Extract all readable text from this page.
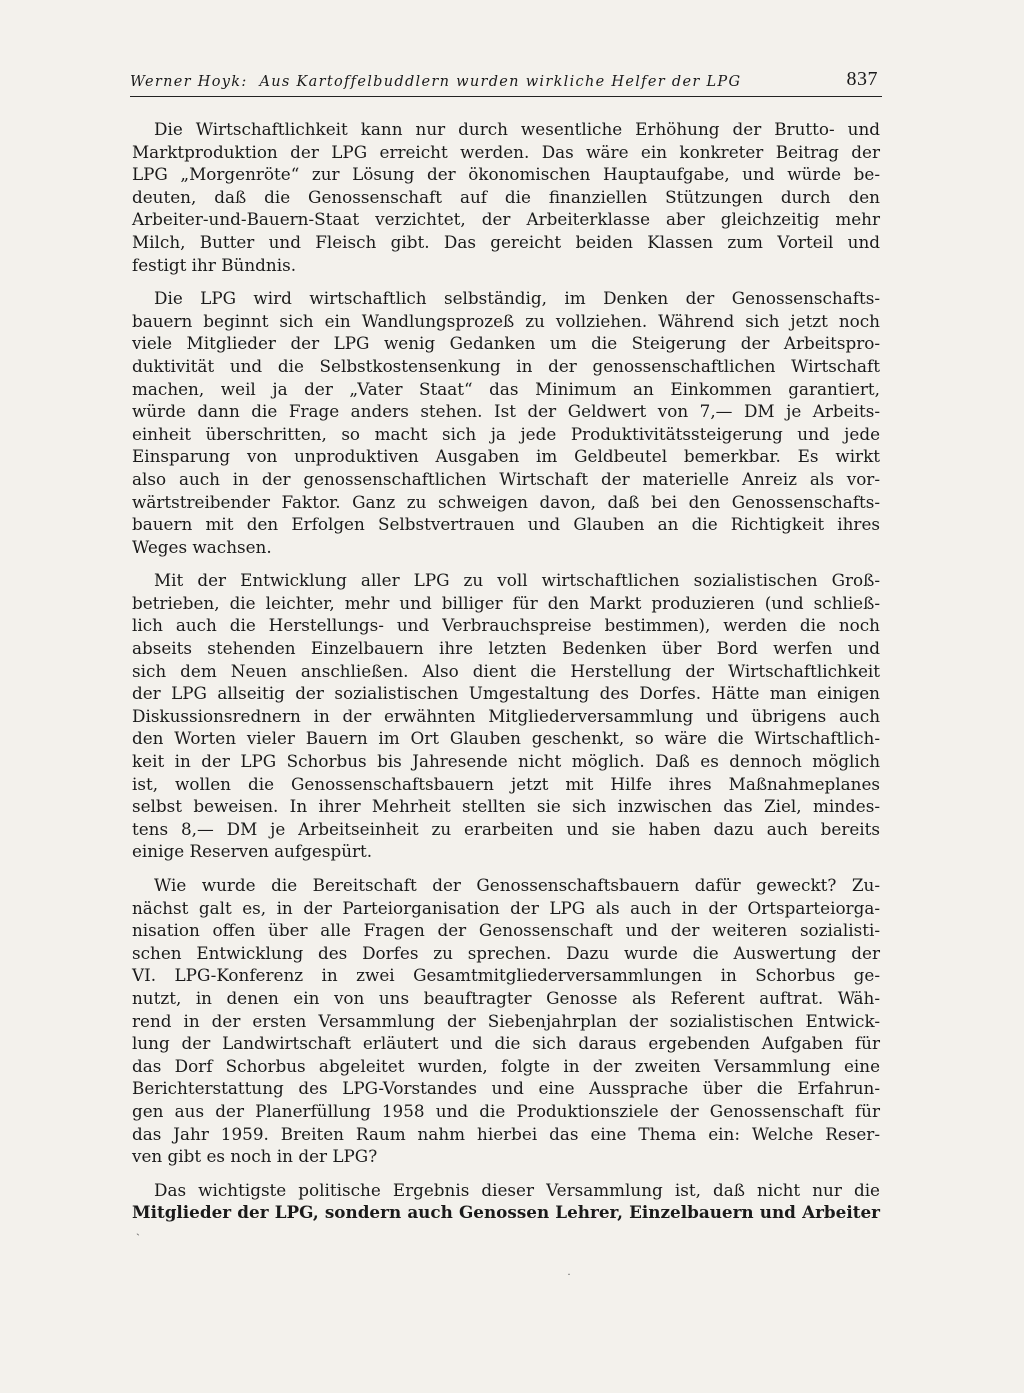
Werner Hoyk: Aus Kartoffelbuddlern wurden wirkliche Helfer der LPG	837

Die Wirtschaftlichkeit kann nur durch wesentliche Erhöhung der Brutto- und
Marktproduktion der LPG erreicht werden. Das wäre ein konkreter Beitrag der
LPG „Morgenröte“ zur Lösung der ökonomischen Hauptaufgabe, und würde be-
deuten, daß die Genossenschaft auf die finanziellen Stützungen durch den
Arbeiter-und-Bauern-Staat verzichtet, der Arbeiterklasse aber gleichzeitig mehr
Milch, Butter und Fleisch gibt. Das gereicht beiden Klassen zum Vorteil und
festigt ihr Bündnis.

Die LPG wird wirtschaftlich selbständig, im Denken der Genossenschafts-
bauern beginnt sich ein Wandlungsprozeß zu vollziehen. Während sich jetzt noch
viele Mitglieder der LPG wenig Gedanken um die Steigerung der Arbeitspro-
duktivität und die Selbstkostensenkung in der genossenschaftlichen Wirtschaft
machen, weil ja der „Vater Staat“ das Minimum an Einkommen garantiert,
würde dann die Frage anders stehen. Ist der Geldwert von 7,— DM je Arbeits-
einheit überschritten, so macht sich ja jede Produktivitätssteigerung und jede
Einsparung von unproduktiven Ausgaben im Geldbeutel bemerkbar. Es wirkt
also auch in der genossenschaftlichen Wirtschaft der materielle Anreiz als vor-
wärtstreibender Faktor. Ganz zu schweigen davon, daß bei den Genossenschafts-
bauern mit den Erfolgen Selbstvertrauen und Glauben an die Richtigkeit ihres
Weges wachsen.

Mit der Entwicklung aller LPG zu voll wirtschaftlichen sozialistischen Groß-
betrieben, die leichter, mehr und billiger für den Markt produzieren (und schließ-
lich auch die Herstellungs- und Verbrauchspreise bestimmen), werden die noch
abseits stehenden Einzelbauern ihre letzten Bedenken über Bord werfen und
sich dem Neuen anschließen. Also dient die Herstellung der Wirtschaftlichkeit
der LPG allseitig der sozialistischen Umgestaltung des Dorfes. Hätte man einigen
Diskussionsrednern in der erwähnten Mitgliederversammlung und übrigens auch
den Worten vieler Bauern im Ort Glauben geschenkt, so wäre die Wirtschaftlich-
keit in der LPG Schorbus bis Jahresende nicht möglich. Daß es dennoch möglich
ist, wollen die Genossenschaftsbauern jetzt mit Hilfe ihres Maßnahmeplanes
selbst beweisen. In ihrer Mehrheit stellten sie sich inzwischen das Ziel, mindes-
tens 8,— DM je Arbeitseinheit zu erarbeiten und sie haben dazu auch bereits
einige Reserven aufgespürt.

Wie wurde die Bereitschaft der Genossenschaftsbauern dafür geweckt? Zu-
nächst galt es, in der Parteiorganisation der LPG als auch in der Ortsparteiorga-
nisation offen über alle Fragen der Genossenschaft und der weiteren sozialisti-
schen Entwicklung des Dorfes zu sprechen. Dazu wurde die Auswertung der
VI. LPG-Konferenz in zwei Gesamtmitgliederversammlungen in Schorbus ge-
nutzt, in denen ein von uns beauftragter Genosse als Referent auftrat. Wäh-
rend in der ersten Versammlung der Siebenjahrplan der sozialistischen Entwick-
lung der Landwirtschaft erläutert und die sich daraus ergebenden Aufgaben für
das Dorf Schorbus abgeleitet wurden, folgte in der zweiten Versammlung eine
Berichterstattung des LPG-Vorstandes und eine Aussprache über die Erfahrun-
gen aus der Planerfüllung 1958 und die Produktionsziele der Genossenschaft für
das Jahr 1959. Breiten Raum nahm hierbei das eine Thema ein: Welche Reser-
ven gibt es noch in der LPG?

Das wichtigste politische Ergebnis dieser Versammlung ist, daß nicht nur die
Mitglieder der LPG, sondern auch Genossen Lehrer, Einzelbauern und Arbeiter

ˎ
˙
